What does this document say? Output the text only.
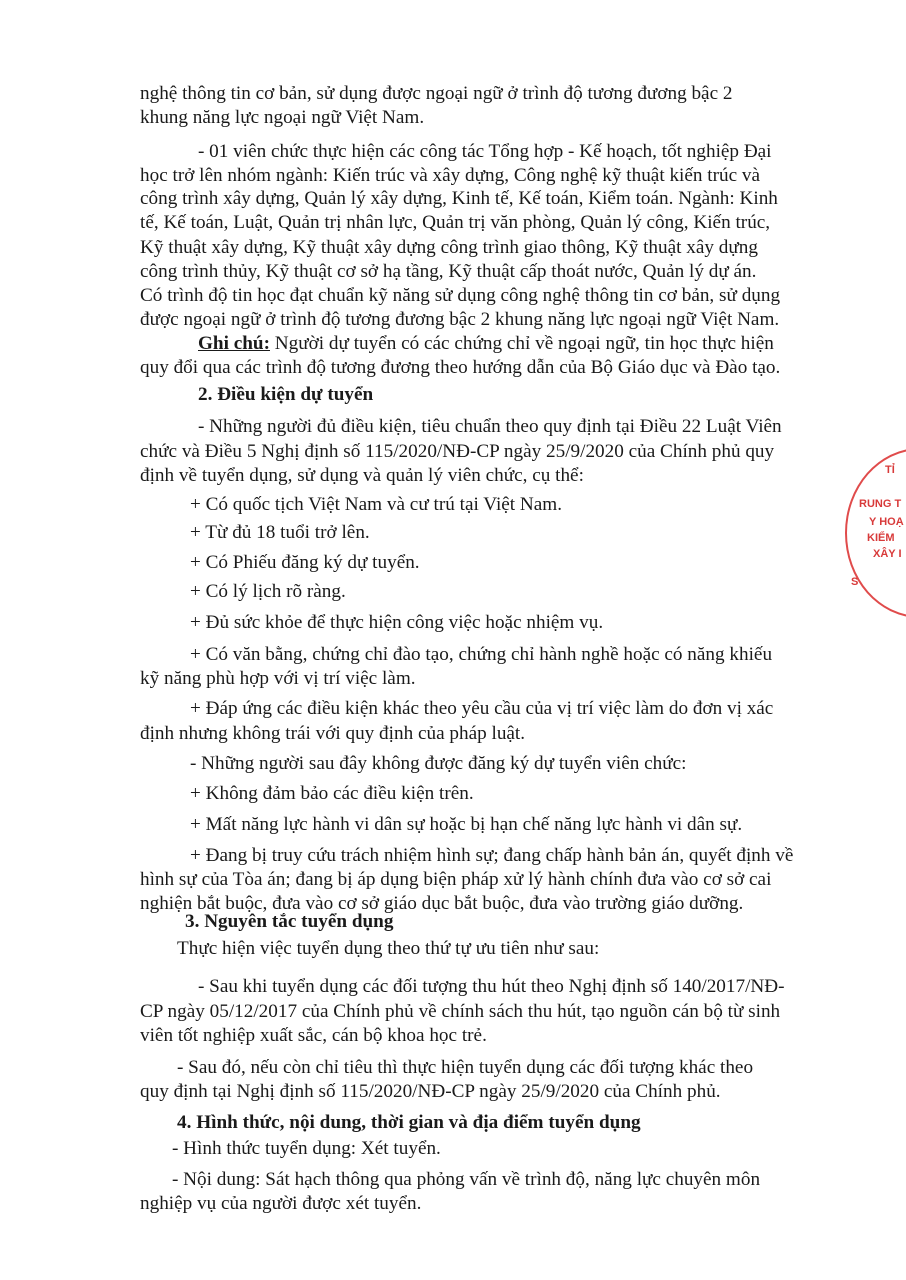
nghệ thông tin cơ bản, sử dụng được ngoại ngữ ở trình độ tương đương bậc 2

khung năng lực ngoại ngữ Việt Nam.

- 01 viên chức thực hiện các công tác Tổng hợp - Kế hoạch, tốt nghiệp Đại

học trở lên nhóm ngành: Kiến trúc và xây dựng, Công nghệ kỹ thuật kiến trúc và

công trình xây dựng, Quản lý xây dựng, Kinh tế, Kế toán, Kiểm toán. Ngành: Kinh

tế, Kế toán, Luật, Quản trị nhân lực, Quản trị văn phòng, Quản lý công, Kiến trúc,

Kỹ thuật xây dựng, Kỹ thuật xây dựng công trình giao thông, Kỹ thuật xây dựng

công trình thủy, Kỹ thuật cơ sở hạ tầng, Kỹ thuật cấp thoát nước, Quản lý dự án.

Có trình độ tin học đạt chuẩn kỹ năng sử dụng công nghệ thông tin cơ bản, sử dụng

được ngoại ngữ ở trình độ tương đương bậc 2 khung năng lực ngoại ngữ Việt Nam.

Ghi chú: Người dự tuyển có các chứng chỉ về ngoại ngữ, tin học thực hiện

quy đổi qua các trình độ tương đương theo hướng dẫn của Bộ Giáo dục và Đào tạo.

2. Điều kiện dự tuyển

- Những người đủ điều kiện, tiêu chuẩn theo quy định tại Điều 22 Luật Viên

chức và Điều 5 Nghị định số 115/2020/NĐ-CP ngày 25/9/2020 của Chính phủ quy

định về tuyển dụng, sử dụng và quản lý viên chức, cụ thể:

+ Có quốc tịch Việt Nam và cư trú tại Việt Nam.

+ Từ đủ 18 tuổi trở lên.

+ Có Phiếu đăng ký dự tuyển.

+ Có lý lịch rõ ràng.

+ Đủ sức khỏe để thực hiện công việc hoặc nhiệm vụ.

+ Có văn bằng, chứng chỉ đào tạo, chứng chỉ hành nghề hoặc có năng khiếu

kỹ năng phù hợp với vị trí việc làm.

+ Đáp ứng các điều kiện khác theo yêu cầu của vị trí việc làm do đơn vị xác

định nhưng không trái với quy định của pháp luật.

- Những người sau đây không được đăng ký dự tuyển viên chức:

+ Không đảm bảo các điều kiện trên.

+ Mất năng lực hành vi dân sự hoặc bị hạn chế năng lực hành vi dân sự.

+ Đang bị truy cứu trách nhiệm hình sự; đang chấp hành bản án, quyết định về

hình sự của Tòa án; đang bị áp dụng biện pháp xử lý hành chính đưa vào cơ sở cai

nghiện bắt buộc, đưa vào cơ sở giáo dục bắt buộc, đưa vào trường giáo dưỡng.

3. Nguyên tắc tuyển dụng

Thực hiện việc tuyển dụng theo thứ tự ưu tiên như sau:

- Sau khi tuyển dụng các đối tượng thu hút theo Nghị định số 140/2017/NĐ-

CP ngày 05/12/2017 của Chính phủ về chính sách thu hút, tạo nguồn cán bộ từ sinh

viên tốt nghiệp xuất sắc, cán bộ khoa học trẻ.

- Sau đó, nếu còn chỉ tiêu thì thực hiện tuyển dụng các đối tượng khác theo

quy định tại Nghị định số 115/2020/NĐ-CP ngày 25/9/2020 của Chính phủ.

4. Hình thức, nội dung, thời gian và địa điểm tuyển dụng

- Hình thức tuyển dụng: Xét tuyển.

- Nội dung: Sát hạch thông qua phỏng vấn về trình độ, năng lực chuyên môn

nghiệp vụ của người được xét tuyển.

TỈ
RUNG T
Y HOẠ
KIỂM
XÂY I
S
